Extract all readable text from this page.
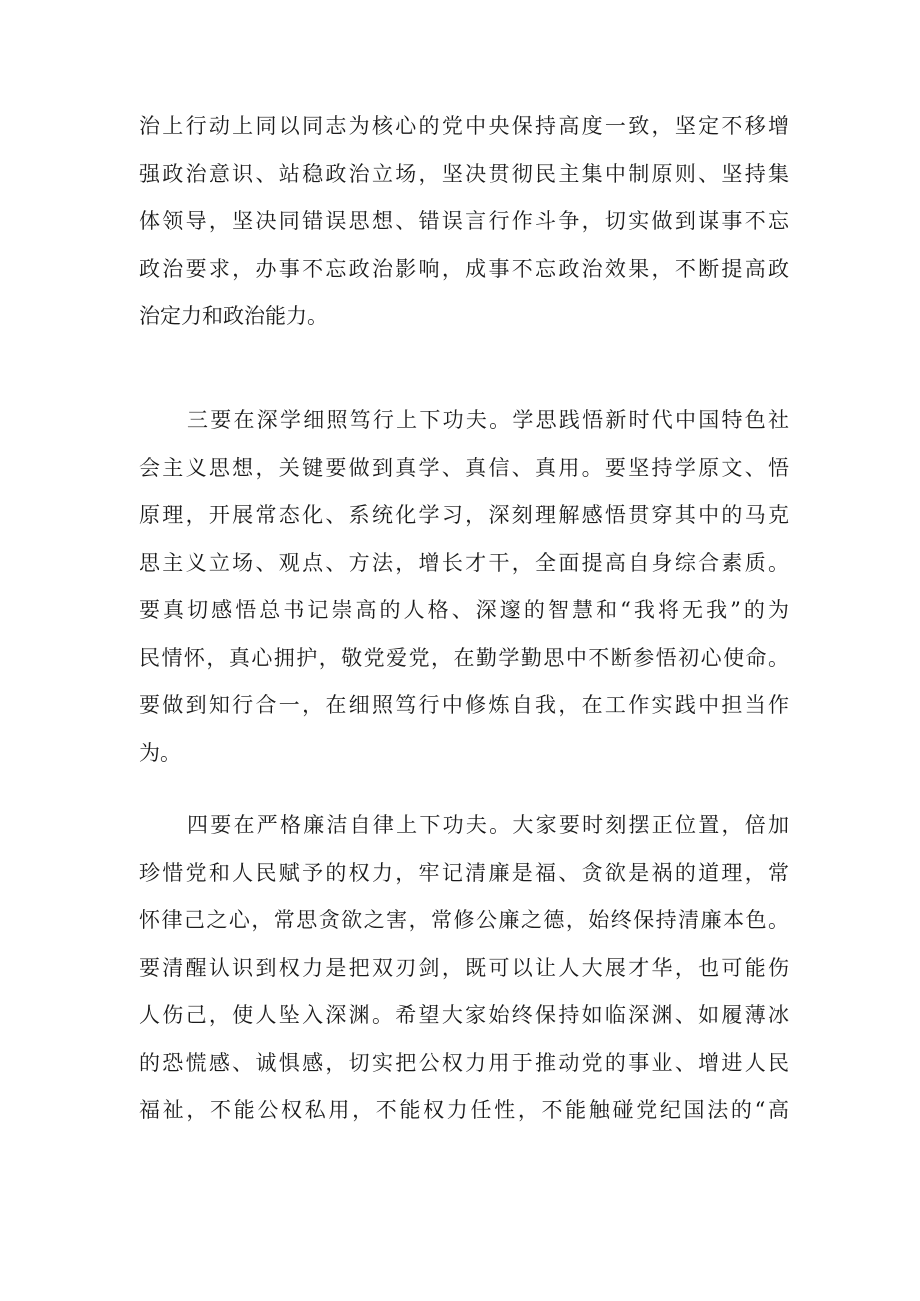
治上行动上同以同志为核心的党中央保持高度一致，坚定不移增
强政治意识、站稳政治立场，坚决贯彻民主集中制原则、坚持集
体领导，坚决同错误思想、错误言行作斗争，切实做到谋事不忘
政治要求，办事不忘政治影响，成事不忘政治效果，不断提高政
治定力和政治能力。
三要在深学细照笃行上下功夫。学思践悟新时代中国特色社
会主义思想，关键要做到真学、真信、真用。要坚持学原文、悟
原理，开展常态化、系统化学习，深刻理解感悟贯穿其中的马克
思主义立场、观点、方法，增长才干，全面提高自身综合素质。
要真切感悟总书记崇高的人格、深邃的智慧和“我将无我”的为
民情怀，真心拥护，敬党爱党，在勤学勤思中不断参悟初心使命。
要做到知行合一，在细照笃行中修炼自我，在工作实践中担当作
为。
四要在严格廉洁自律上下功夫。大家要时刻摆正位置，倍加
珍惜党和人民赋予的权力，牢记清廉是福、贪欲是祸的道理，常
怀律己之心，常思贪欲之害，常修公廉之德，始终保持清廉本色。
要清醒认识到权力是把双刃剑，既可以让人大展才华，也可能伤
人伤己，使人坠入深渊。希望大家始终保持如临深渊、如履薄冰
的恐慌感、诚惧感，切实把公权力用于推动党的事业、增进人民
福祉，不能公权私用，不能权力任性，不能触碰党纪国法的“高
